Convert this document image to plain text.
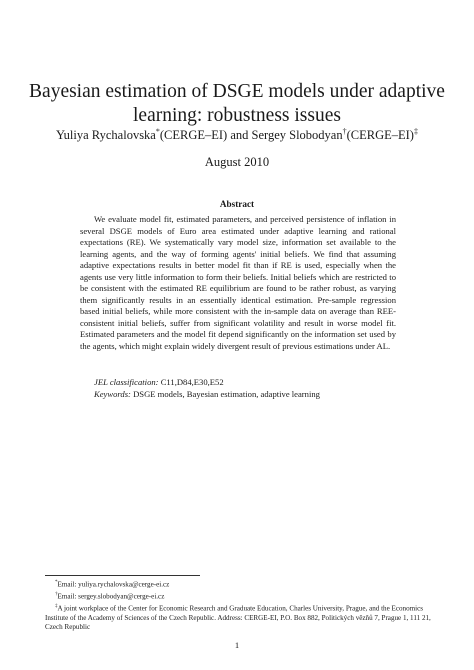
Bayesian estimation of DSGE models under adaptive
learning: robustness issues
Yuliya Rychalovska*(CERGE–EI) and Sergey Slobodyan†(CERGE–EI)‡
August 2010
Abstract

We evaluate model fit, estimated parameters, and perceived persistence of inflation in several DSGE models of Euro area estimated under adaptive learning and rational expectations (RE). We systematically vary model size, information set available to the learning agents, and the way of forming agents' initial beliefs. We find that assuming adaptive expectations results in better model fit than if RE is used, especially when the agents use very little information to form their beliefs. Initial beliefs which are restricted to be consistent with the estimated RE equilibrium are found to be rather robust, as varying them significantly results in an essentially identical estimation. Pre-sample regression based initial beliefs, while more consistent with the in-sample data on average than REE-consistent initial beliefs, suffer from significant volatility and result in worse model fit. Estimated parameters and the model fit depend significantly on the information set used by the agents, which might explain widely divergent result of previous estimations under AL.

JEL classification: C11,D84,E30,E52
Keywords: DSGE models, Bayesian estimation, adaptive learning

*Email: yuliya.rychalovska@cerge-ei.cz

†Email: sergey.slobodyan@cerge-ei.cz

‡A joint workplace of the Center for Economic Research and Graduate Education, Charles University, Prague, and the Economics Institute of the Academy of Sciences of the Czech Republic. Address: CERGE-EI, P.O. Box 882, Politických vězňů 7, Prague 1, 111 21, Czech Republic

1
